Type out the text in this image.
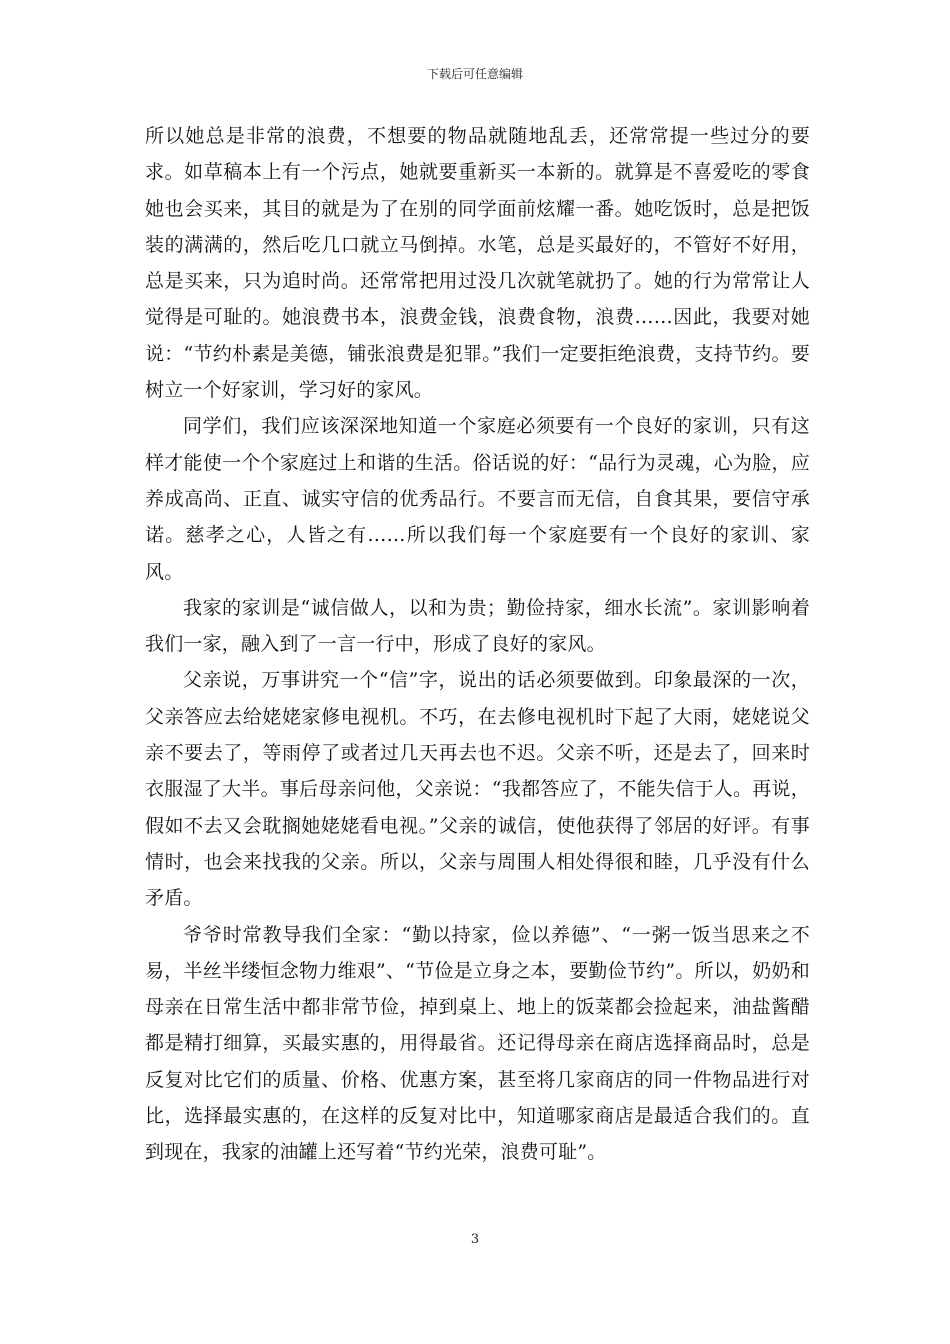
下载后可任意编辑

所以她总是非常的浪费，不想要的物品就随地乱丢，还常常提一些过分的要求。如草稿本上有一个污点，她就要重新买一本新的。就算是不喜爱吃的零食她也会买来，其目的就是为了在别的同学面前炫耀一番。她吃饭时，总是把饭装的满满的，然后吃几口就立马倒掉。水笔，总是买最好的，不管好不好用，总是买来，只为追时尚。还常常把用过没几次就笔就扔了。她的行为常常让人觉得是可耻的。她浪费书本，浪费金钱，浪费食物，浪费……因此，我要对她说：“节约朴素是美德，铺张浪费是犯罪。”我们一定要拒绝浪费，支持节约。要树立一个好家训，学习好的家风。

同学们，我们应该深深地知道一个家庭必须要有一个良好的家训，只有这样才能使一个个家庭过上和谐的生活。俗话说的好：“品行为灵魂，心为脸，应养成高尚、正直、诚实守信的优秀品行。不要言而无信，自食其果，要信守承诺。慈孝之心，人皆之有……所以我们每一个家庭要有一个良好的家训、家风。

我家的家训是“诚信做人，以和为贵；勤俭持家，细水长流”。家训影响着我们一家，融入到了一言一行中，形成了良好的家风。

父亲说，万事讲究一个“信”字，说出的话必须要做到。印象最深的一次，父亲答应去给姥姥家修电视机。不巧，在去修电视机时下起了大雨，姥姥说父亲不要去了，等雨停了或者过几天再去也不迟。父亲不听，还是去了，回来时衣服湿了大半。事后母亲问他，父亲说：“我都答应了，不能失信于人。再说，假如不去又会耽搁她姥姥看电视。”父亲的诚信，使他获得了邻居的好评。有事情时，也会来找我的父亲。所以，父亲与周围人相处得很和睦，几乎没有什么矛盾。

爷爷时常教导我们全家：“勤以持家，俭以养德”、“一粥一饭当思来之不易，半丝半缕恒念物力维艰”、“节俭是立身之本，要勤俭节约”。所以，奶奶和母亲在日常生活中都非常节俭，掉到桌上、地上的饭菜都会捡起来，油盐酱醋都是精打细算，买最实惠的，用得最省。还记得母亲在商店选择商品时，总是反复对比它们的质量、价格、优惠方案，甚至将几家商店的同一件物品进行对比，选择最实惠的，在这样的反复对比中，知道哪家商店是最适合我们的。直到现在，我家的油罐上还写着“节约光荣，浪费可耻”。

3
